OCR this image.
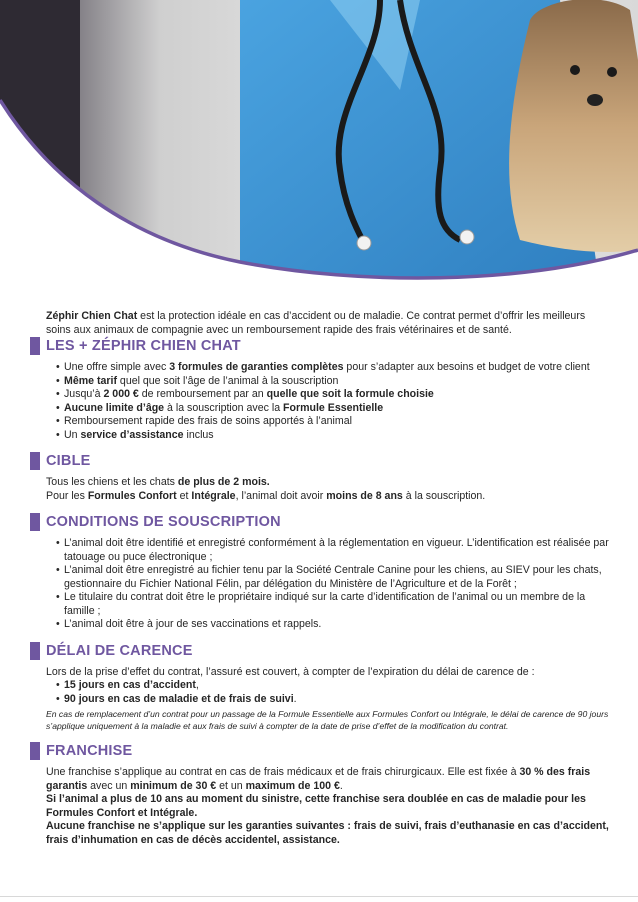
Zéphir Chien Chat est la protection idéale en cas d’accident ou de maladie. Ce contrat permet d’offrir les meilleurs soins aux animaux de compagnie avec un remboursement rapide des frais vétérinaires et de santé.

LES + ZÉPHIR CHIEN CHAT
• Une offre simple avec 3 formules de garanties complètes pour s’adapter aux besoins et budget de votre client
• Même tarif quel que soit l’âge de l’animal à la souscription
• Jusqu’à 2 000 € de remboursement par an quelle que soit la formule choisie
• Aucune limite d’âge à la souscription avec la Formule Essentielle
• Remboursement rapide des frais de soins apportés à l’animal
• Un service d’assistance inclus
CIBLE

Tous les chiens et les chats de plus de 2 mois.

Pour les Formules Confort et Intégrale, l’animal doit avoir moins de 8 ans à la souscription.

CONDITIONS DE SOUSCRIPTION
• L’animal doit être identifié et enregistré conformément à la réglementation en vigueur. L’identification est réalisée par tatouage ou puce électronique ;
• L’animal doit être enregistré au fichier tenu par la Société Centrale Canine pour les chiens, au SIEV pour les chats, gestionnaire du Fichier National Félin, par délégation du Ministère de l’Agriculture et de la Forêt ;
• Le titulaire du contrat doit être le propriétaire indiqué sur la carte d’identification de l’animal ou un membre de la famille ;
• L’animal doit être à jour de ses vaccinations et rappels.
DÉLAI DE CARENCE

Lors de la prise d’effet du contrat, l’assuré est couvert, à compter de l’expiration du délai de carence de :

• 15 jours en cas d’accident,
• 90 jours en cas de maladie et de frais de suivi.

En cas de remplacement d’un contrat pour un passage de la Formule Essentielle aux Formules Confort ou Intégrale, le délai de carence de 90 jours s’applique uniquement à la maladie et aux frais de suivi à compter de la date de prise d’effet de la modification du contrat.

FRANCHISE

Une franchise s’applique au contrat en cas de frais médicaux et de frais chirurgicaux. Elle est fixée à 30 % des frais garantis avec un minimum de 30 € et un maximum de 100 €.

Si l’animal a plus de 10 ans au moment du sinistre, cette franchise sera doublée en cas de maladie pour les Formules Confort et Intégrale.

Aucune franchise ne s’applique sur les garanties suivantes : frais de suivi, frais d’euthanasie en cas d’accident, frais d’inhumation en cas de décès accidentel, assistance.
